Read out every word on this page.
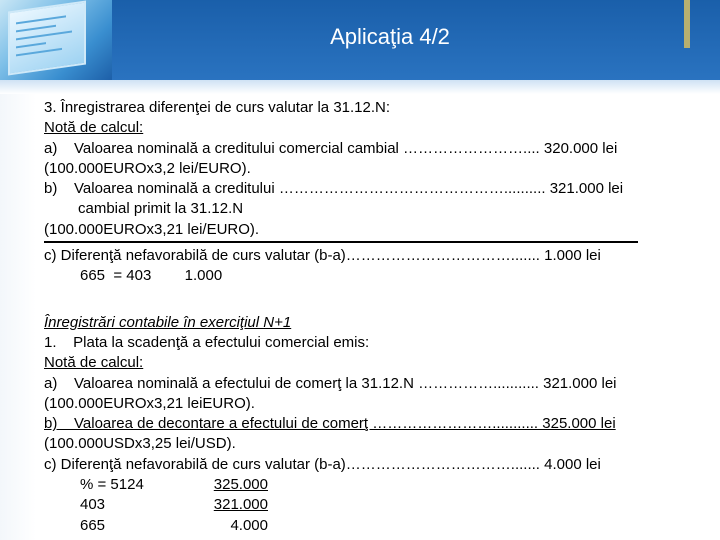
Aplicaţia 4/2
3. Înregistrarea diferenţei de curs valutar la 31.12.N:
Notă de calcul:
a)    Valoarea nominală a creditului comercial cambial …………………….... 320.000 lei
(100.000EUROx3,2 lei/EURO).
b)    Valoarea nominală a creditului ……………………………………….......... 321.000 lei
cambial primit la 31.12.N
(100.000EUROx3,21 lei/EURO).
c) Diferenţă nefavorabilă de curs valutar (b-a)……………………………....... 1.000 lei
665  = 403        1.000
Înregistrări contabile în exerciţiul N+1
1.    Plata la scadenţă a efectului comercial emis:
Notă de calcul:
a)    Valoarea nominală a efectului de comerţ la 31.12.N ……………........... 321.000 lei
(100.000EUROx3,21 leiEURO).
b)    Valoarea de decontare a efectului de comerţ ……………………........... 325.000 lei
(100.000USDx3,25 lei/USD).
c) Diferenţă nefavorabilă de curs valutar (b-a)……………………………....... 4.000 lei
% = 5124	325.000
403	321.000
665	4.000
